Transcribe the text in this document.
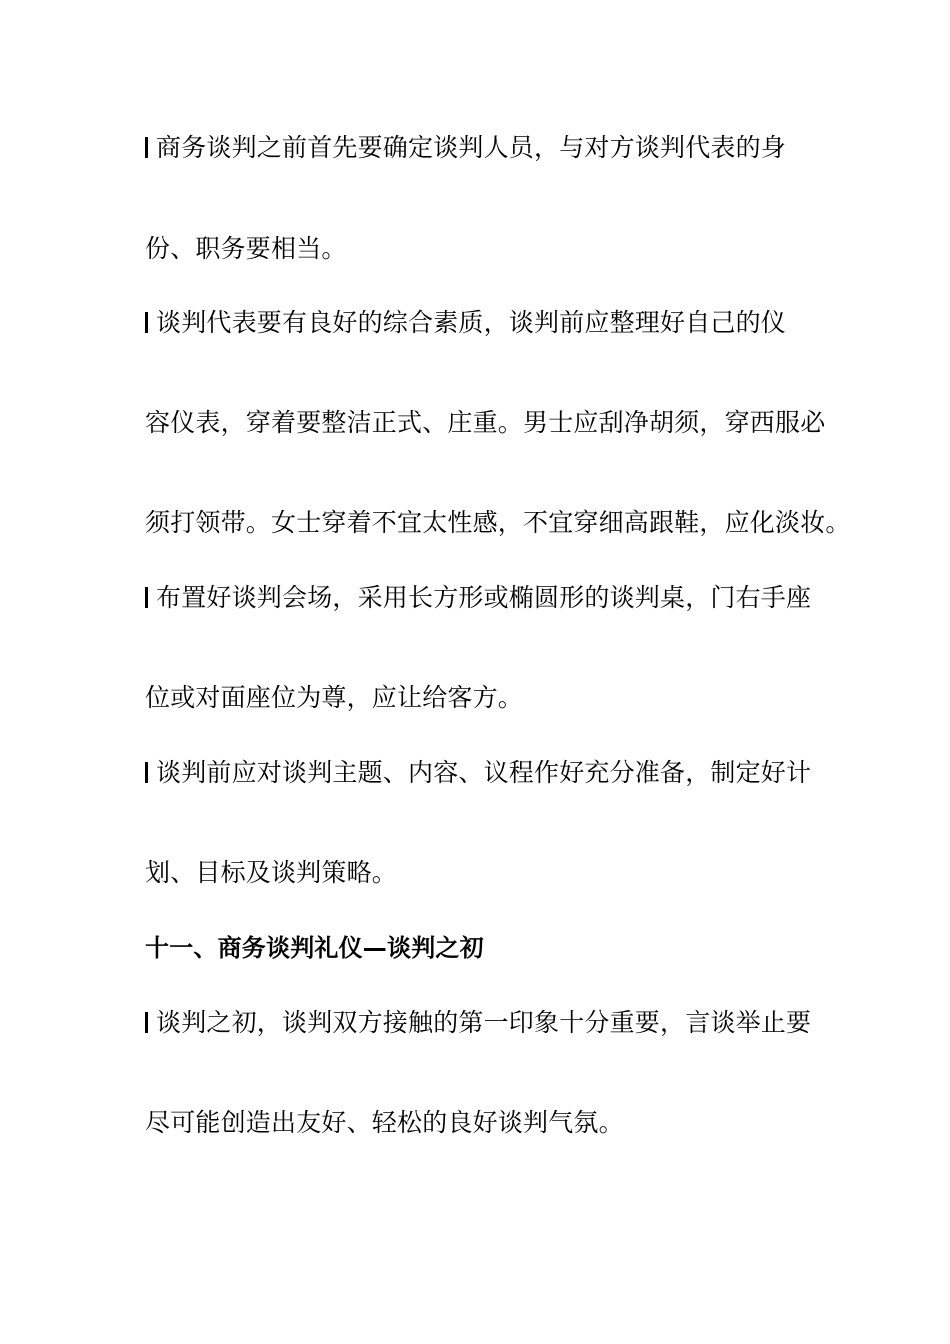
商务谈判之前首先要确定谈判人员，与对方谈判代表的身
份、职务要相当。
谈判代表要有良好的综合素质，谈判前应整理好自己的仪
容仪表，穿着要整洁正式、庄重。男士应刮净胡须，穿西服必
须打领带。女士穿着不宜太性感，不宜穿细高跟鞋，应化淡妆。
布置好谈判会场，采用长方形或椭圆形的谈判桌，门右手座
位或对面座位为尊，应让给客方。
谈判前应对谈判主题、内容、议程作好充分准备，制定好计
划、目标及谈判策略。
十一、商务谈判礼仪—谈判之初
谈判之初，谈判双方接触的第一印象十分重要，言谈举止要
尽可能创造出友好、轻松的良好谈判气氛。
